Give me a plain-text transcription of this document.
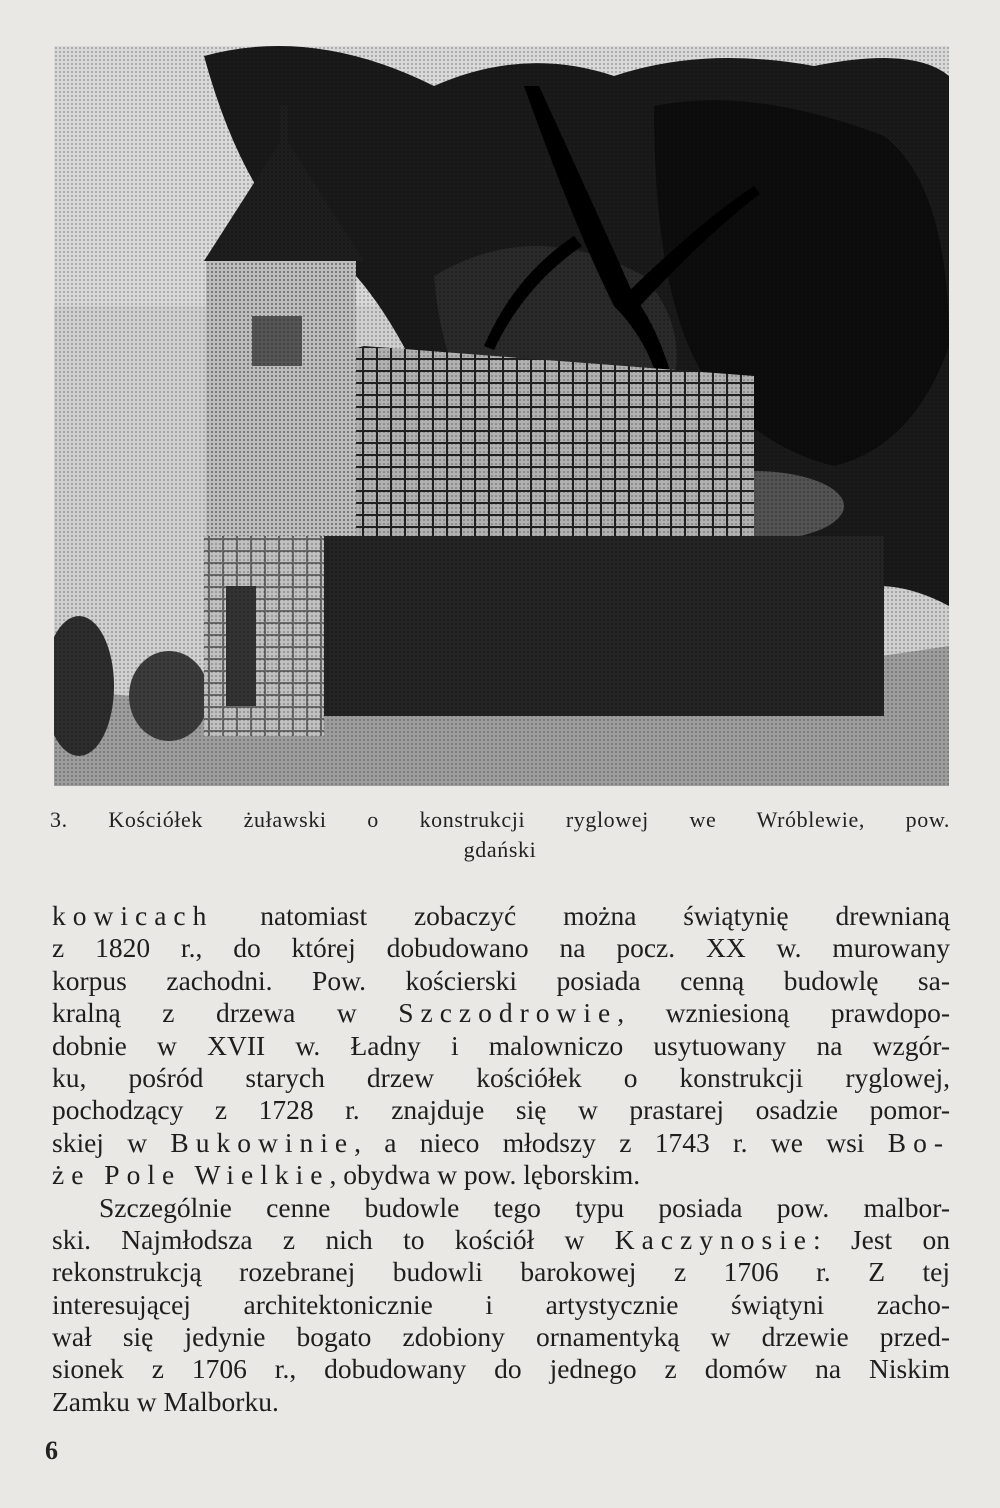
3. Kościółek żuławski o konstrukcji ryglowej we Wróblewie, pow.
gdański
kowicach natomiast zobaczyć można świątynię drewnianą
z 1820 r., do której dobudowano na pocz. XX w. murowany
korpus zachodni. Pow. kościerski posiada cenną budowlę sa-
kralną z drzewa w Szczodrowie, wzniesioną prawdopo-
dobnie w XVII w. Ładny i malowniczo usytuowany na wzgór-
ku, pośród starych drzew kościółek o konstrukcji ryglowej,
pochodzący z 1728 r. znajduje się w prastarej osadzie pomor-
skiej w Bukowinie, a nieco młodszy z 1743 r. we wsi Bo-
że Pole Wielkie, obydwa w pow. lęborskim.
Szczególnie cenne budowle tego typu posiada pow. malbor-
ski. Najmłodsza z nich to kościół w Kaczynosie: Jest on
rekonstrukcją rozebranej budowli barokowej z 1706 r. Z tej
interesującej architektonicznie i artystycznie świątyni zacho-
wał się jedynie bogato zdobiony ornamentyką w drzewie przed-
sionek z 1706 r., dobudowany do jednego z domów na Niskim
Zamku w Malborku.
6
